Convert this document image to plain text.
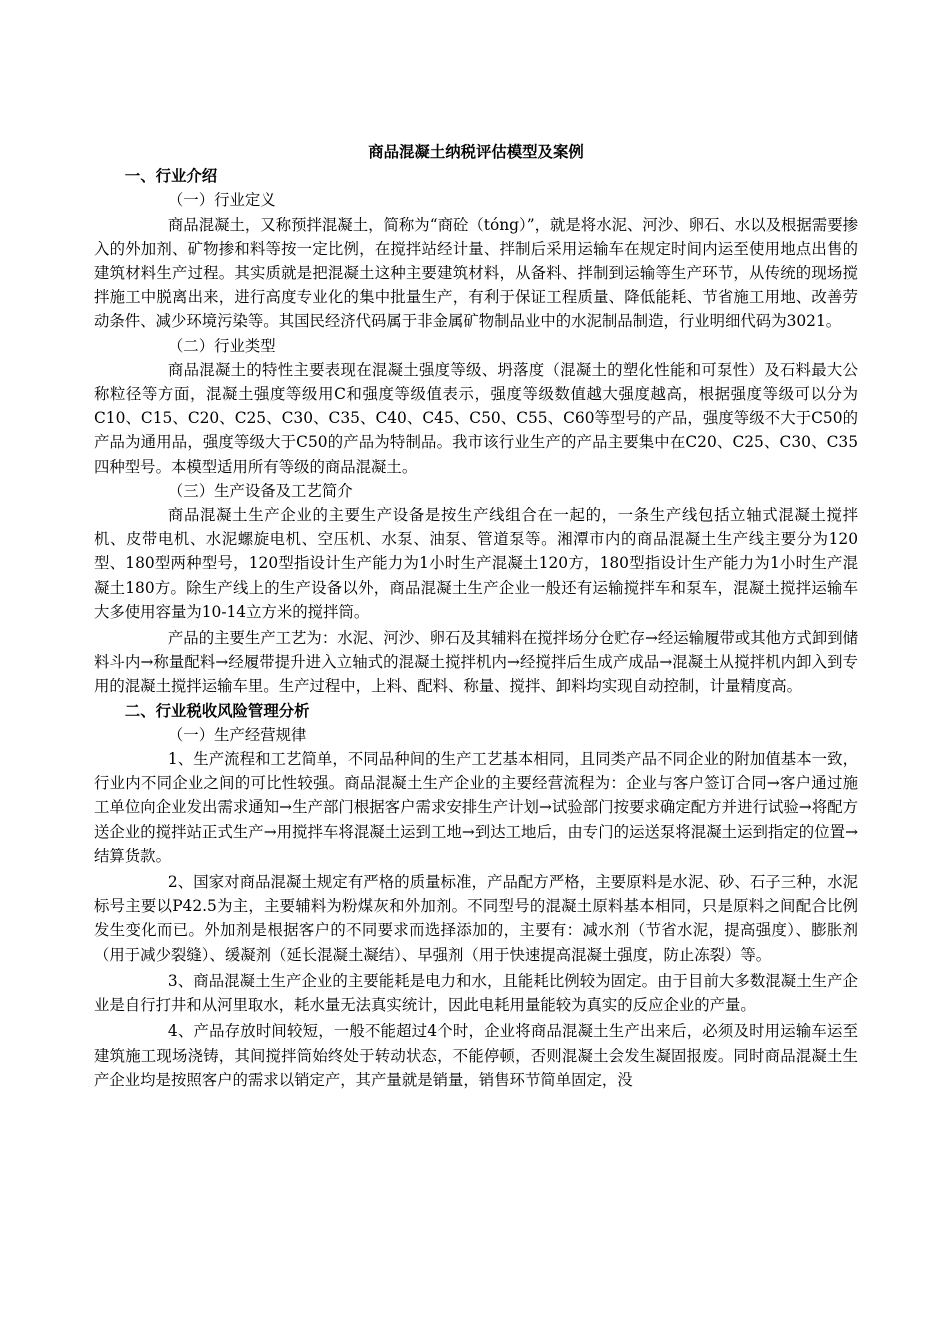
商品混凝土纳税评估模型及案例

一、行业介绍

（一）行业定义

商品混凝土，又称预拌混凝土，简称为“商砼（tóng）”，就是将水泥、河沙、卵石、水以及根据需要掺入的外加剂、矿物掺和料等按一定比例，在搅拌站经计量、拌制后采用运输车在规定时间内运至使用地点出售的建筑材料生产过程。其实质就是把混凝土这种主要建筑材料，从备料、拌制到运输等生产环节，从传统的现场搅拌施工中脱离出来，进行高度专业化的集中批量生产，有利于保证工程质量、降低能耗、节省施工用地、改善劳动条件、减少环境污染等。其国民经济代码属于非金属矿物制品业中的水泥制品制造，行业明细代码为3021。

（二）行业类型

商品混凝土的特性主要表现在混凝土强度等级、坍落度（混凝土的塑化性能和可泵性）及石料最大公称粒径等方面，混凝土强度等级用C和强度等级值表示，强度等级数值越大强度越高，根据强度等级可以分为C10、C15、C20、C25、C30、C35、C40、C45、C50、C55、C60等型号的产品，强度等级不大于C50的产品为通用品，强度等级大于C50的产品为特制品。我市该行业生产的产品主要集中在C20、C25、C30、C35四种型号。本模型适用所有等级的商品混凝土。

（三）生产设备及工艺简介

商品混凝土生产企业的主要生产设备是按生产线组合在一起的，一条生产线包括立轴式混凝土搅拌机、皮带电机、水泥螺旋电机、空压机、水泵、油泵、管道泵等。湘潭市内的商品混凝土生产线主要分为120型、180型两种型号，120型指设计生产能力为1小时生产混凝土120方，180型指设计生产能力为1小时生产混凝土180方。除生产线上的生产设备以外，商品混凝土生产企业一般还有运输搅拌车和泵车，混凝土搅拌运输车大多使用容量为10-14立方米的搅拌筒。

产品的主要生产工艺为：水泥、河沙、卵石及其辅料在搅拌场分仓贮存→经运输履带或其他方式卸到储料斗内→称量配料→经履带提升进入立轴式的混凝土搅拌机内→经搅拌后生成产成品→混凝土从搅拌机内卸入到专用的混凝土搅拌运输车里。生产过程中，上料、配料、称量、搅拌、卸料均实现自动控制，计量精度高。

二、行业税收风险管理分析

（一）生产经营规律

1、生产流程和工艺简单，不同品种间的生产工艺基本相同，且同类产品不同企业的附加值基本一致，行业内不同企业之间的可比性较强。商品混凝土生产企业的主要经营流程为：企业与客户签订合同→客户通过施工单位向企业发出需求通知→生产部门根据客户需求安排生产计划→试验部门按要求确定配方并进行试验→将配方送企业的搅拌站正式生产→用搅拌车将混凝土运到工地→到达工地后，由专门的运送泵将混凝土运到指定的位置→结算货款。

2、国家对商品混凝土规定有严格的质量标准，产品配方严格，主要原料是水泥、砂、石子三种，水泥标号主要以P42.5为主，主要辅料为粉煤灰和外加剂。不同型号的混凝土原料基本相同，只是原料之间配合比例发生变化而已。外加剂是根据客户的不同要求而选择添加的，主要有：减水剂（节省水泥，提高强度）、膨胀剂（用于减少裂缝）、缓凝剂（延长混凝土凝结）、早强剂（用于快速提高混凝土强度，防止冻裂）等。

3、商品混凝土生产企业的主要能耗是电力和水，且能耗比例较为固定。由于目前大多数混凝土生产企业是自行打井和从河里取水，耗水量无法真实统计，因此电耗用量能较为真实的反应企业的产量。

4、产品存放时间较短，一般不能超过4个时，企业将商品混凝土生产出来后，必须及时用运输车运至建筑施工现场浇铸，其间搅拌筒始终处于转动状态，不能停顿，否则混凝土会发生凝固报废。同时商品混凝土生产企业均是按照客户的需求以销定产，其产量就是销量，销售环节简单固定，没
